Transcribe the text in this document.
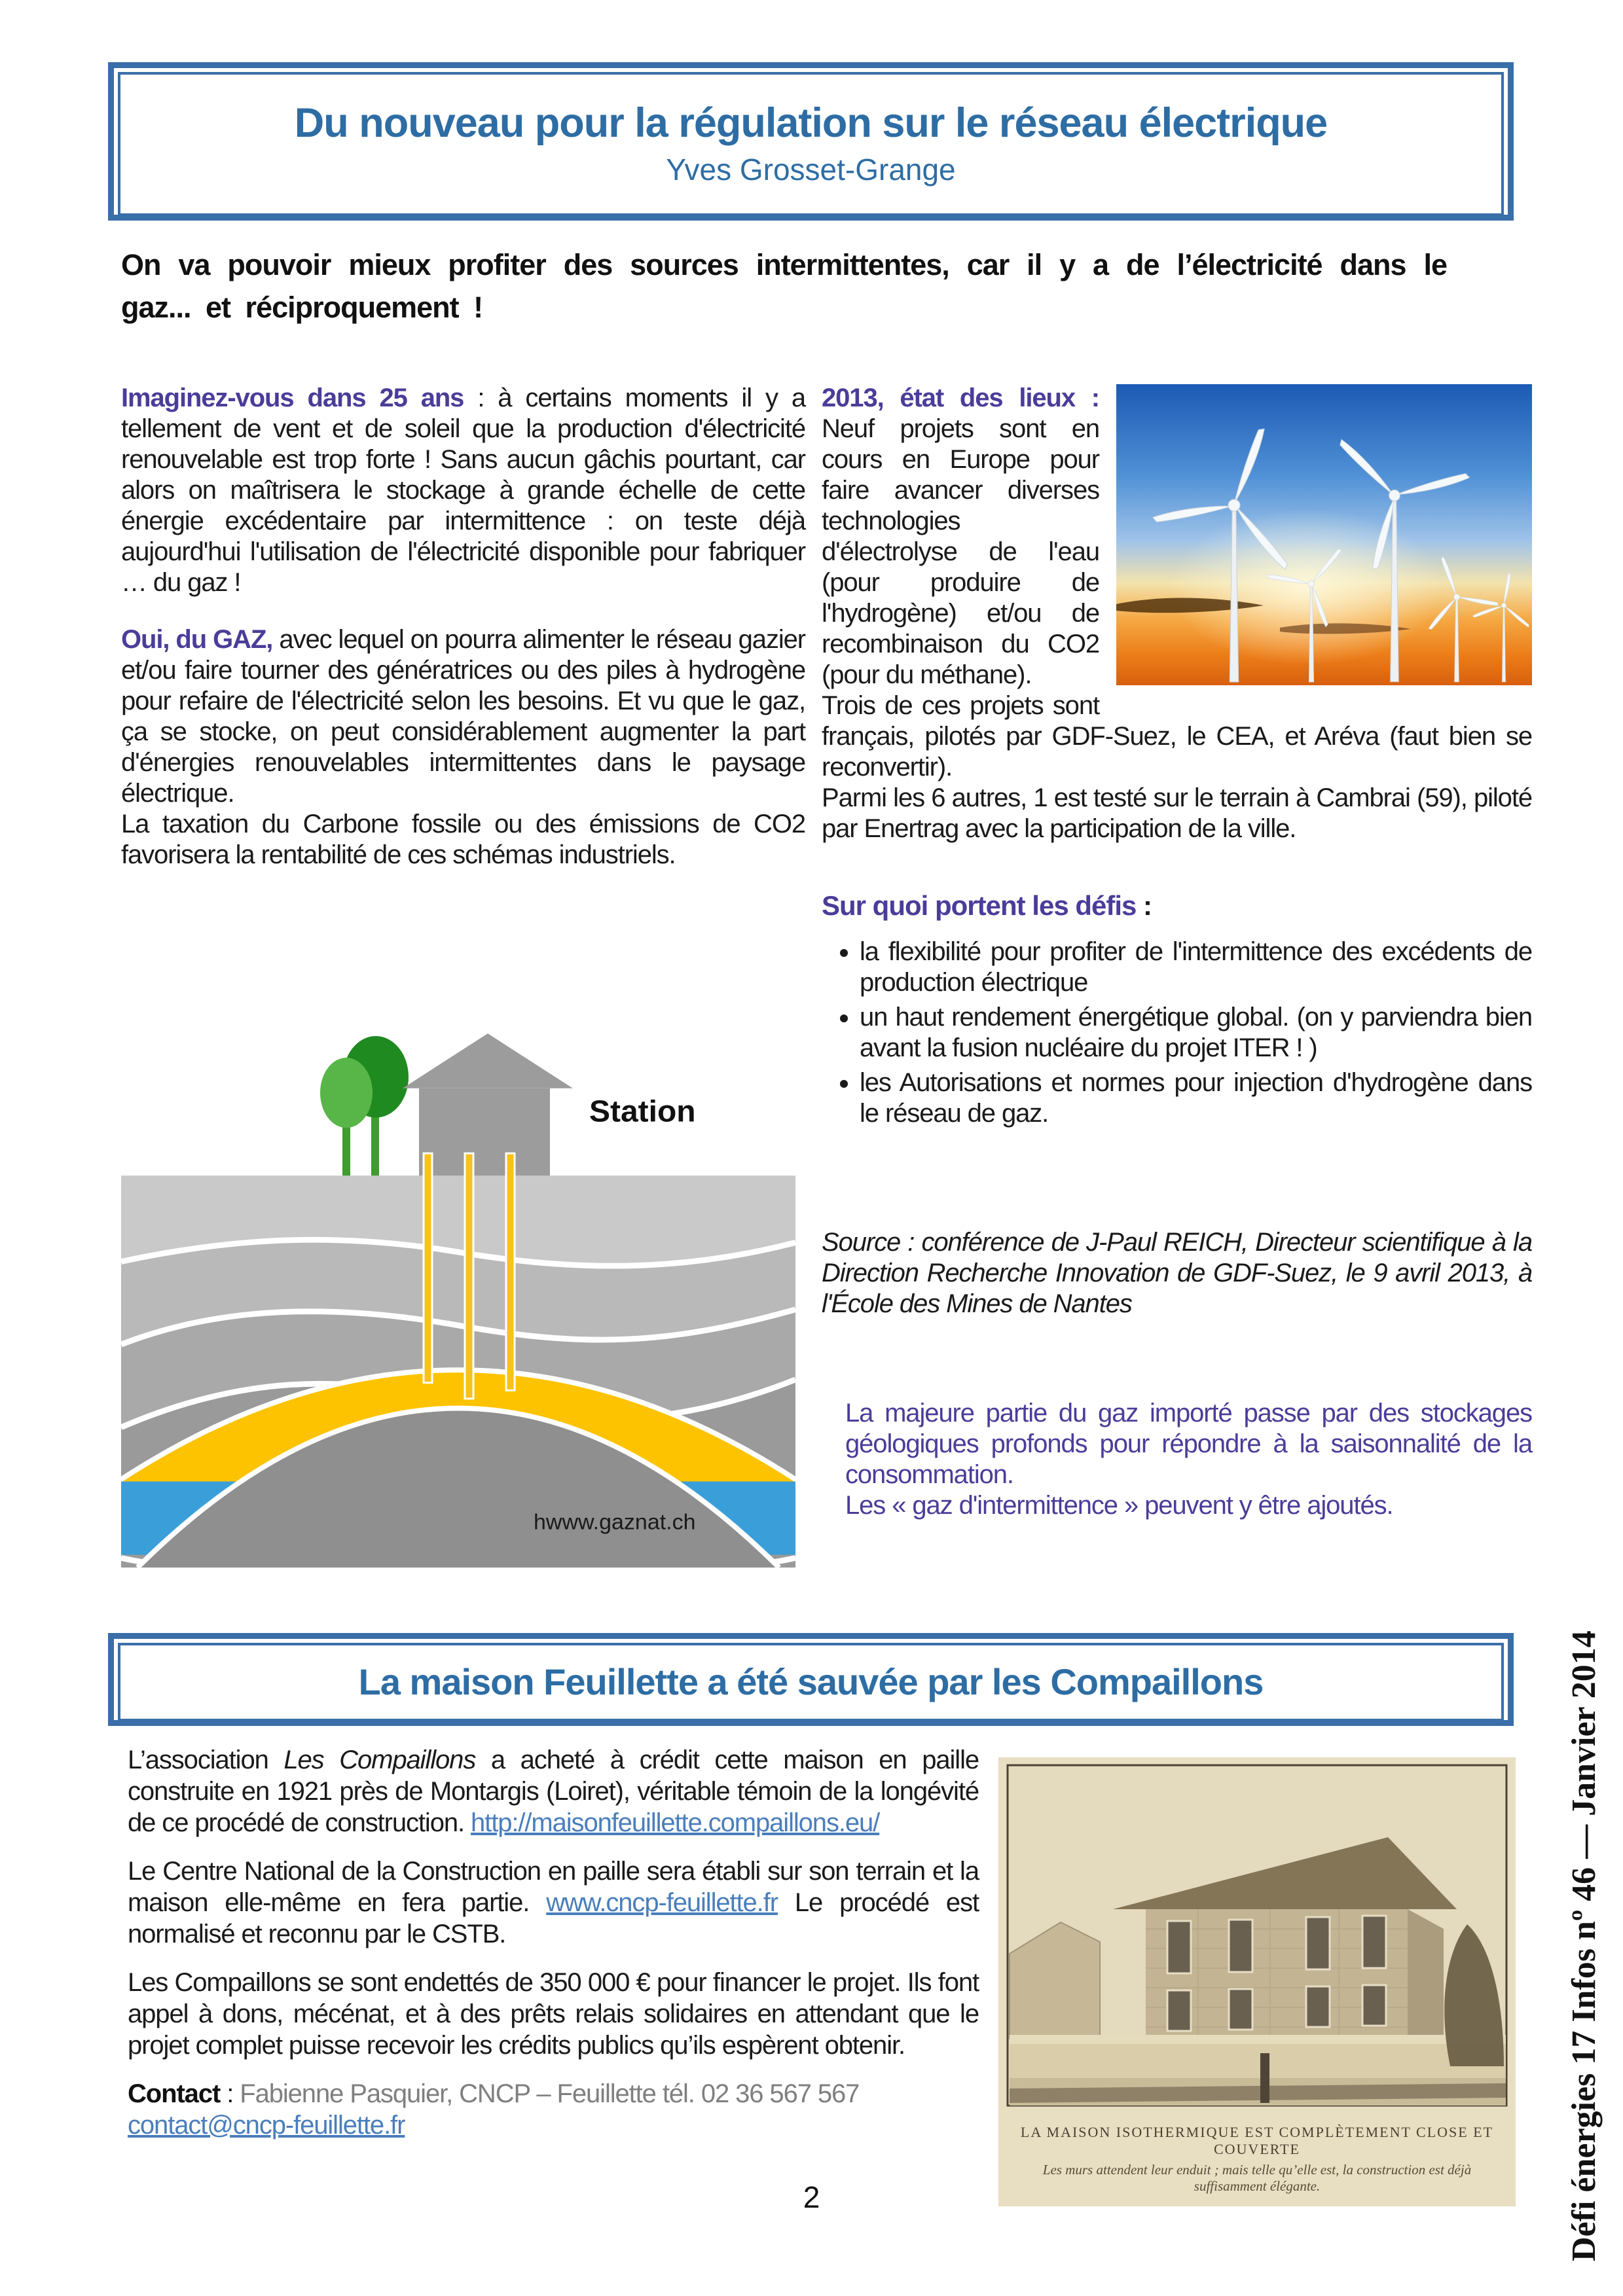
Du nouveau pour la régulation sur le réseau électrique
Yves Grosset-Grange
On va pouvoir mieux profiter des sources intermittentes, car il y a de l’électricité dans le gaz... et réciproquement !

Imaginez-vous dans 25 ans : à certains moments il y a tellement de vent et de soleil que la production d'électricité renouvelable est trop forte ! Sans aucun gâchis pourtant, car alors on maîtrisera le stockage à grande échelle de cette énergie excédentaire par intermittence : on teste déjà aujourd'hui l'utilisation de l'électricité disponible pour fabriquer … du gaz !

Oui, du GAZ, avec lequel on pourra alimenter le réseau gazier et/ou faire tourner des génératrices ou des piles à hydrogène pour refaire de l'électricité selon les besoins. Et vu que le gaz, ça se stocke, on peut considérablement augmenter la part d'énergies renouvelables intermittentes dans le paysage électrique.

La taxation du Carbone fossile ou des émissions de CO2 favorisera la rentabilité de ces schémas industriels.

Station
hwww.gaznat.ch

2013, état des lieux : Neuf projets sont en cours en Europe pour faire avancer diverses technologies d'électrolyse de l'eau (pour produire de l'hydrogène) et/ou de recombinaison du CO2 (pour du méthane).

Trois de ces projets sont français, pilotés par GDF-Suez, le CEA, et Aréva (faut bien se reconvertir).

Parmi les 6 autres, 1 est testé sur le terrain à Cambrai (59), piloté par Enertrag avec la participation de la ville.

Sur quoi portent les défis :
• la flexibilité pour profiter de l'intermittence des excédents de production électrique
• un haut rendement énergétique global. (on y parviendra bien avant la fusion nucléaire du projet ITER ! )
• les Autorisations et normes pour injection d'hydrogène dans le réseau de gaz.

Source : conférence de J-Paul REICH, Directeur scientifique à la Direction Recherche Innovation de GDF-Suez, le 9 avril 2013, à l'École des Mines de Nantes

La majeure partie du gaz importé passe par des stockages géologiques profonds pour répondre à la saisonnalité de la consommation.

Les « gaz d'intermittence » peuvent y être ajoutés.

La maison Feuillette a été sauvée par les Compaillons

L’association Les Compaillons a acheté à crédit cette maison en paille construite en 1921 près de Montargis (Loiret), véritable témoin de la longévité de ce procédé de construction. http://maisonfeuillette.compaillons.eu/

Le Centre National de la Construction en paille sera établi sur son terrain et la maison elle-même en fera partie. www.cncp-feuillette.fr Le procédé est normalisé et reconnu par le CSTB.

Les Compaillons se sont endettés de 350 000 € pour financer le projet. Ils font appel à dons, mécénat, et à des prêts relais solidaires en attendant que le projet complet puisse recevoir les crédits publics qu’ils espèrent obtenir.

Contact : Fabienne Pasquier, CNCP – Feuillette tél. 02 36 567 567

contact@cncp-feuillette.fr	LA MAISON ISOTHERMIQUE EST COMPLÈTEMENT CLOSE ET COUVERTE
Les murs attendent leur enduit ; mais telle qu’elle est, la construction est déjà suffisamment élégante.	Défi énergies 17 Infos nº 46 — Janvier 2014
2
